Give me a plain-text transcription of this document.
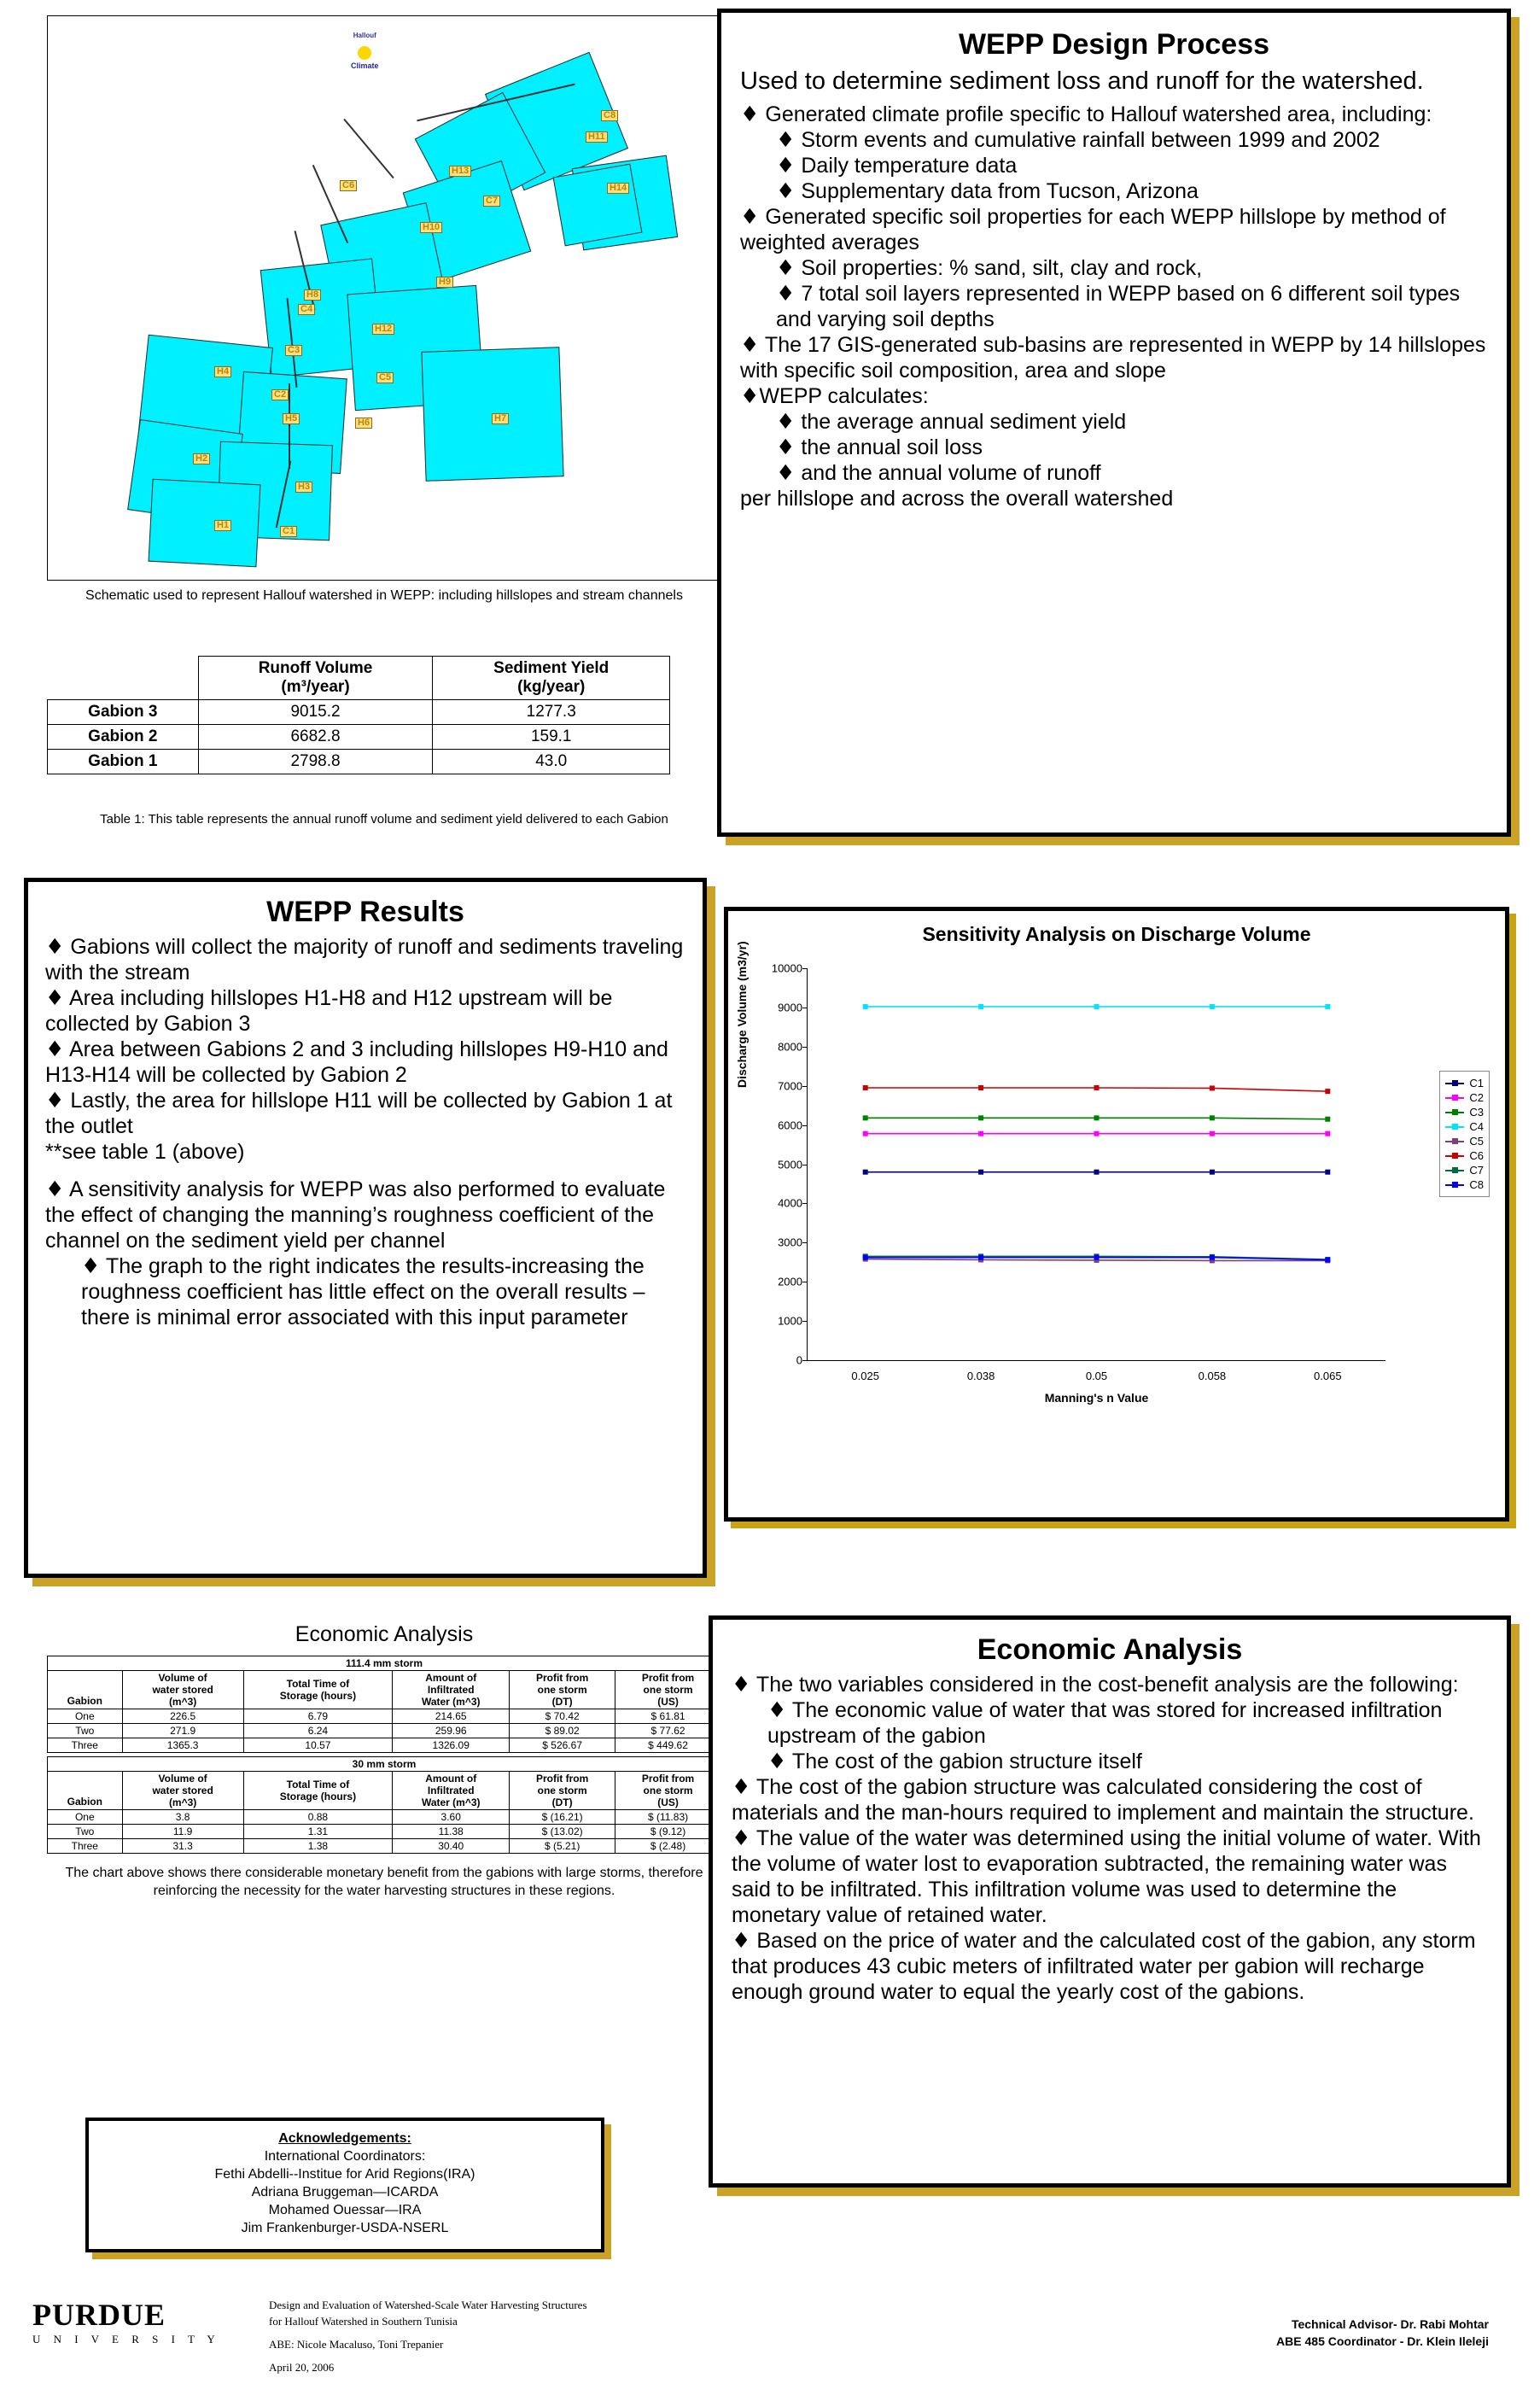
Hallouf
Climate
H1
H2
H3
H4
H5	H6	H7
H8
H9
H10
H11
H12
H13
H14
C1
C2
C3
C4
C5
C6
C7
C8
Schematic used to represent Hallouf watershed in WEPP: including hillslopes and stream channels

Runoff Volume
(m³/year)

Sediment Yield
(kg/year)

Gabion 3	9015.2	1277.3
Gabion 2	6682.8	159.1
Gabion 1	2798.8	43.0
Table 1: This table represents the annual runoff volume and sediment yield delivered to each Gabion
WEPP Design Process
Used to determine sediment loss and runoff for the watershed.
♦ Generated climate profile specific to Hallouf watershed area, including:
♦ Storm events and cumulative rainfall between 1999 and 2002
♦ Daily temperature data
♦ Supplementary data from Tucson, Arizona
♦ Generated specific soil properties for each WEPP hillslope by method of weighted averages
♦ Soil properties: % sand, silt, clay and rock,
♦ 7 total soil layers represented in WEPP based on 6 different soil types and varying soil depths
♦ The 17 GIS-generated sub-basins are represented in WEPP by 14 hillslopes with specific soil composition, area and slope
♦WEPP calculates:
♦ the average annual sediment yield
♦ the annual soil loss
♦ and the annual volume of runoff
per hillslope and across the overall watershed
WEPP Results
♦ Gabions will collect the majority of runoff and sediments traveling with the stream
♦ Area including hillslopes H1-H8 and H12 upstream will be collected by Gabion 3
♦ Area between Gabions 2 and 3 including hillslopes H9-H10 and H13-H14 will be collected by Gabion 2
♦ Lastly, the area for hillslope H11 will be collected by Gabion 1 at the outlet
**see table 1 (above)
♦ A sensitivity analysis for WEPP was also performed to evaluate the effect of changing the manning’s roughness coefficient of the channel on the sediment yield per channel
♦ The graph to the right indicates the results-increasing the roughness coefficient has little effect on the overall results – there is minimal error associated with this input parameter
Sensitivity Analysis on Discharge Volume
Discharge Volume (m3/yr)
Manning's n Value
0
1000
2000
3000
4000
5000
6000
7000
8000
9000
10000
0.025	0.038	0.05	0.058	0.065
C1
C2
C3
C4
C5
C6
C7
C8
Economic Analysis
111.4 mm storm					

Gabion

Volume of
water stored
(m^3)

Total Time of
Storage (hours)

Amount of
Infiltrated
Water (m^3)

Profit from
one storm
(DT)

Profit from
one storm
(US)

One	226.5	6.79	214.65	$ 70.42	$ 61.81
Two	271.9	6.24	259.96	$ 89.02	$ 77.62
Three	1365.3	10.57	1326.09	$ 526.67	$ 449.62
30 mm storm					

Gabion

Volume of
water stored
(m^3)

Total Time of
Storage (hours)

Amount of
Infiltrated
Water (m^3)

Profit from
one storm
(DT)

Profit from
one storm
(US)

One	3.8	0.88	3.60	$ (16.21)	$ (11.83)
Two	11.9	1.31	11.38	$ (13.02)	$ (9.12)
Three	31.3	1.38	30.40	$ (5.21)	$ (2.48)
The chart above shows there considerable monetary benefit from the gabions with large storms, therefore reinforcing the necessity for the water harvesting structures in these regions.
Economic Analysis
♦ The two variables considered in the cost-benefit analysis are the following:
♦ The economic value of water that was stored for increased infiltration upstream of the gabion
♦ The cost of the gabion structure itself
♦ The cost of the gabion structure was calculated considering the cost of materials and the man-hours required to implement and maintain the structure.
♦ The value of the water was determined using the initial volume of water. With the volume of water lost to evaporation subtracted, the remaining water was said to be infiltrated. This infiltration volume was used to determine the monetary value of retained water.
♦ Based on the price of water and the calculated cost of the gabion, any storm that produces 43 cubic meters of infiltrated water per gabion will recharge enough ground water to equal the yearly cost of the gabions.
Acknowledgements:
International Coordinators:
Fethi Abdelli--Institue for Arid Regions(IRA)
Adriana Bruggeman—ICARDA
Mohamed Ouessar—IRA
Jim Frankenburger-USDA-NSERL
PURDUE
U N I V E R S I T Y
Design and Evaluation of Watershed-Scale Water Harvesting Structures
for Hallouf Watershed in Southern Tunisia
ABE: Nicole Macaluso, Toni Trepanier
April 20, 2006
Technical Advisor- Dr. Rabi Mohtar
ABE 485 Coordinator - Dr. Klein Ileleji
